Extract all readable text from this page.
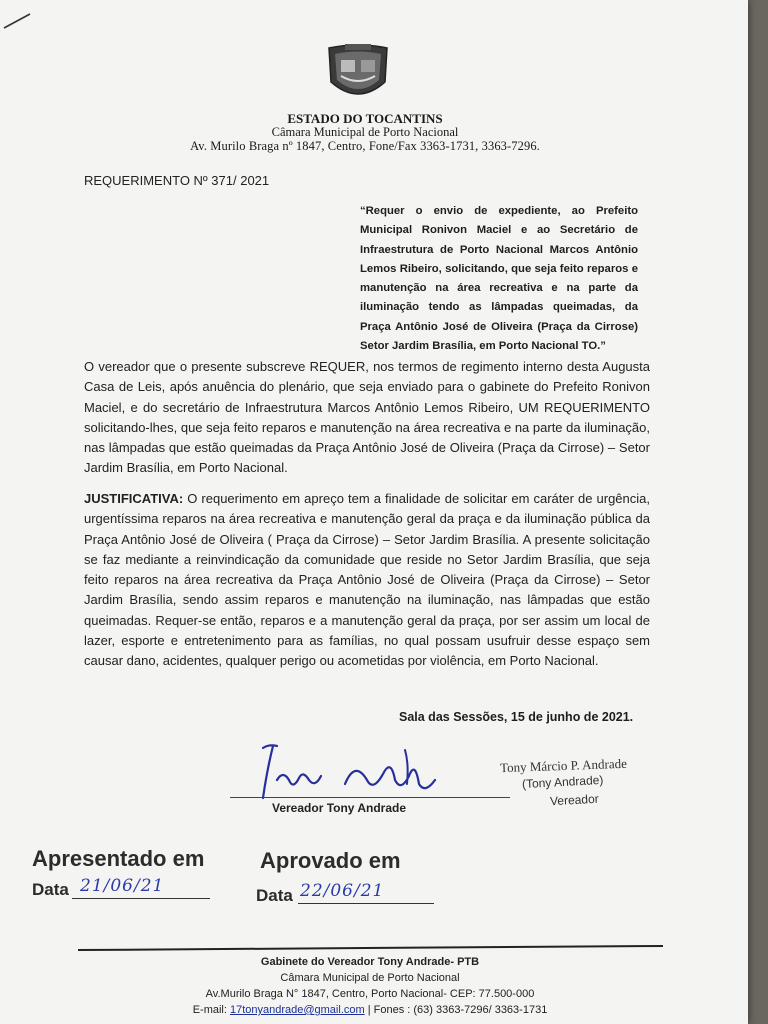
ESTADO DO TOCANTINS
Câmara Municipal de Porto Nacional
Av. Murilo Braga nº 1847, Centro, Fone/Fax 3363-1731, 3363-7296.
REQUERIMENTO Nº 371/ 2021
“Requer o envio de expediente, ao Prefeito Municipal Ronivon Maciel e ao Secretário de Infraestrutura de Porto Nacional Marcos Antônio Lemos Ribeiro, solicitando, que seja feito reparos e manutenção na área recreativa e na parte da iluminação tendo as lâmpadas queimadas, da Praça Antônio José de Oliveira (Praça da Cirrose) Setor Jardim Brasília, em Porto Nacional TO.”
O vereador que o presente subscreve REQUER, nos termos de regimento interno desta Augusta Casa de Leis, após anuência do plenário, que seja enviado para o gabinete do Prefeito Ronivon Maciel, e do secretário de Infraestrutura Marcos Antônio Lemos Ribeiro, UM REQUERIMENTO solicitando-lhes, que seja feito reparos e manutenção na área recreativa e na parte da iluminação, nas lâmpadas que estão queimadas da Praça Antônio José de Oliveira (Praça da Cirrose) – Setor Jardim Brasília, em Porto Nacional.
JUSTIFICATIVA: O requerimento em apreço tem a finalidade de solicitar em caráter de urgência, urgentíssima reparos na área recreativa e manutenção geral da praça e da iluminação pública da Praça Antônio José de Oliveira ( Praça da Cirrose) – Setor Jardim Brasília. A presente solicitação se faz mediante a reinvindicação da comunidade que reside no Setor Jardim Brasília, que seja feito reparos na área recreativa da Praça Antônio José de Oliveira (Praça da Cirrose) – Setor Jardim Brasília, sendo assim reparos e manutenção na iluminação, nas lâmpadas que estão queimadas. Requer-se então, reparos e a manutenção geral da praça, por ser assim um local de lazer, esporte e entretenimento para as famílias, no qual possam usufruir desse espaço sem causar dano, acidentes, qualquer perigo ou acometidas por violência, em Porto Nacional.
Sala das Sessões, 15 de junho de 2021.
Vereador Tony Andrade
Tony Márcio P. Andrade
(Tony Andrade)
Vereador
Apresentado em
Data 21/06/21
Aprovado em
Data 22/06/21
Gabinete do Vereador Tony Andrade- PTB
Câmara Municipal de Porto Nacional
Av.Murilo Braga N° 1847, Centro, Porto Nacional- CEP: 77.500-000
E-mail: 17tonyandrade@gmail.com | Fones : (63) 3363-7296/ 3363-1731
